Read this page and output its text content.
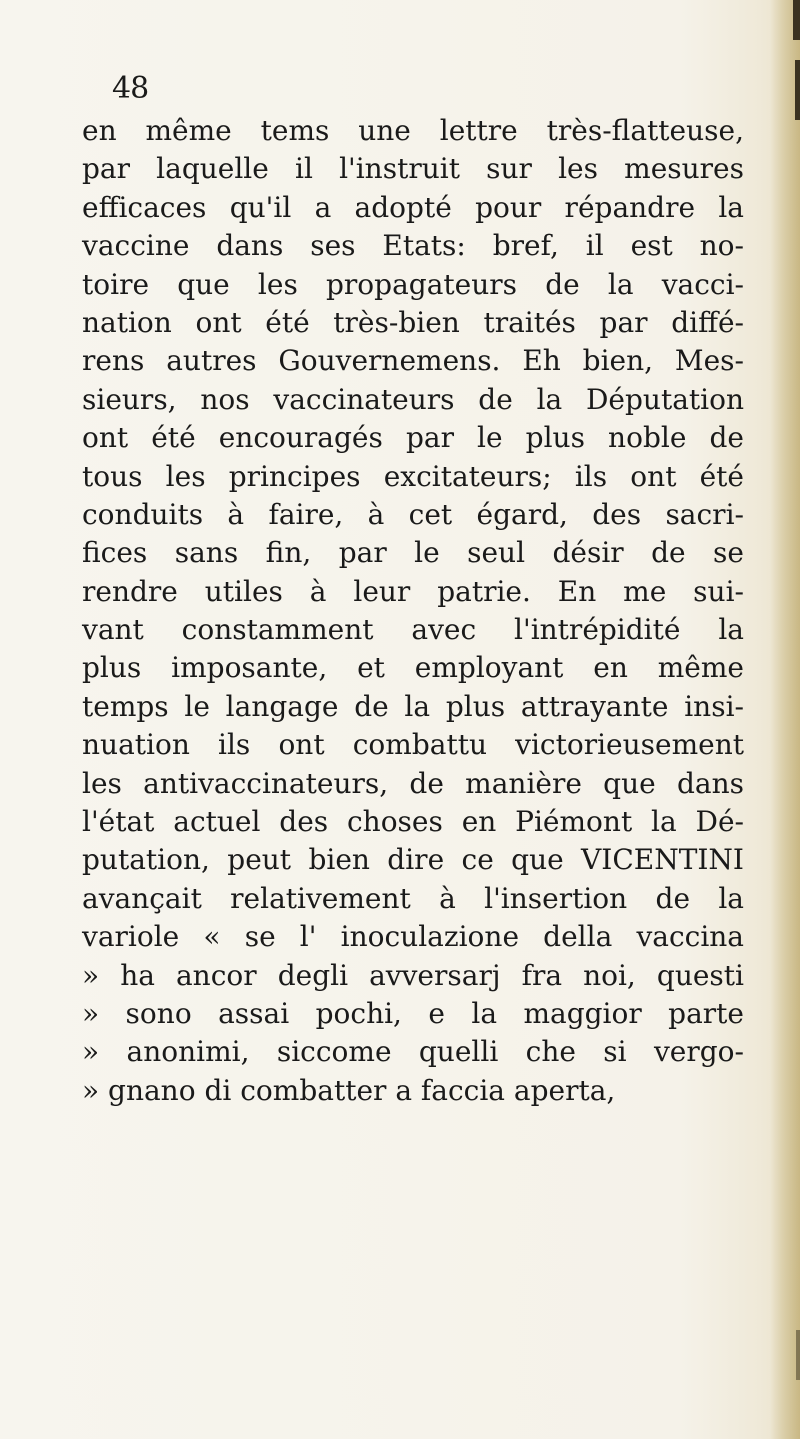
48
en même tems une lettre très-flatteuse,
par laquelle il l'instruit sur les mesures
efficaces qu'il a adopté pour répandre la
vaccine dans ses Etats: bref, il est no-
toire que les propagateurs de la vacci-
nation ont été très-bien traités par diffé-
rens autres Gouvernemens. Eh bien, Mes-
sieurs, nos vaccinateurs de la Députation
ont été encouragés par le plus noble de
tous les principes excitateurs; ils ont été
conduits à faire, à cet égard, des sacri-
fices sans fin, par le seul désir de se
rendre utiles à leur patrie. En me sui-
vant constamment avec l'intrépidité la
plus imposante, et employant en même
temps le langage de la plus attrayante insi-
nuation ils ont combattu victorieusement
les antivaccinateurs, de manière que dans
l'état actuel des choses en Piémont la Dé-
putation, peut bien dire ce que VICENTINI
avançait relativement à l'insertion de la
variole « se l' inoculazione della vaccina
» ha ancor degli avversarj fra noi, questi
» sono assai pochi, e la maggior parte
» anonimi, siccome quelli che si vergo-
» gnano di combatter a faccia aperta,
